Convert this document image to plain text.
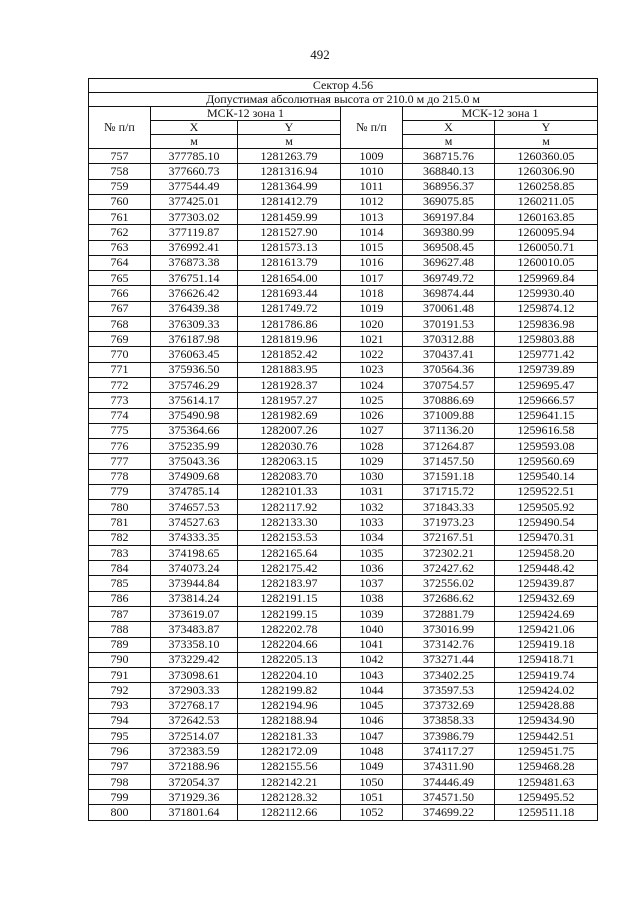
492
Сектор 4.56					
Допустимая абсолютная высота от 210.0 м до 215.0 м					
№ п/п	МСК-12 зона 1		№ п/п	МСК-12 зона 1	
	X	Y		X	Y
	м	м		м	м
757	377785.10	1281263.79	1009	368715.76	1260360.05
758	377660.73	1281316.94	1010	368840.13	1260306.90
759	377544.49	1281364.99	1011	368956.37	1260258.85
760	377425.01	1281412.79	1012	369075.85	1260211.05
761	377303.02	1281459.99	1013	369197.84	1260163.85
762	377119.87	1281527.90	1014	369380.99	1260095.94
763	376992.41	1281573.13	1015	369508.45	1260050.71
764	376873.38	1281613.79	1016	369627.48	1260010.05
765	376751.14	1281654.00	1017	369749.72	1259969.84
766	376626.42	1281693.44	1018	369874.44	1259930.40
767	376439.38	1281749.72	1019	370061.48	1259874.12
768	376309.33	1281786.86	1020	370191.53	1259836.98
769	376187.98	1281819.96	1021	370312.88	1259803.88
770	376063.45	1281852.42	1022	370437.41	1259771.42
771	375936.50	1281883.95	1023	370564.36	1259739.89
772	375746.29	1281928.37	1024	370754.57	1259695.47
773	375614.17	1281957.27	1025	370886.69	1259666.57
774	375490.98	1281982.69	1026	371009.88	1259641.15
775	375364.66	1282007.26	1027	371136.20	1259616.58
776	375235.99	1282030.76	1028	371264.87	1259593.08
777	375043.36	1282063.15	1029	371457.50	1259560.69
778	374909.68	1282083.70	1030	371591.18	1259540.14
779	374785.14	1282101.33	1031	371715.72	1259522.51
780	374657.53	1282117.92	1032	371843.33	1259505.92
781	374527.63	1282133.30	1033	371973.23	1259490.54
782	374333.35	1282153.53	1034	372167.51	1259470.31
783	374198.65	1282165.64	1035	372302.21	1259458.20
784	374073.24	1282175.42	1036	372427.62	1259448.42
785	373944.84	1282183.97	1037	372556.02	1259439.87
786	373814.24	1282191.15	1038	372686.62	1259432.69
787	373619.07	1282199.15	1039	372881.79	1259424.69
788	373483.87	1282202.78	1040	373016.99	1259421.06
789	373358.10	1282204.66	1041	373142.76	1259419.18
790	373229.42	1282205.13	1042	373271.44	1259418.71
791	373098.61	1282204.10	1043	373402.25	1259419.74
792	372903.33	1282199.82	1044	373597.53	1259424.02
793	372768.17	1282194.96	1045	373732.69	1259428.88
794	372642.53	1282188.94	1046	373858.33	1259434.90
795	372514.07	1282181.33	1047	373986.79	1259442.51
796	372383.59	1282172.09	1048	374117.27	1259451.75
797	372188.96	1282155.56	1049	374311.90	1259468.28
798	372054.37	1282142.21	1050	374446.49	1259481.63
799	371929.36	1282128.32	1051	374571.50	1259495.52
800	371801.64	1282112.66	1052	374699.22	1259511.18
